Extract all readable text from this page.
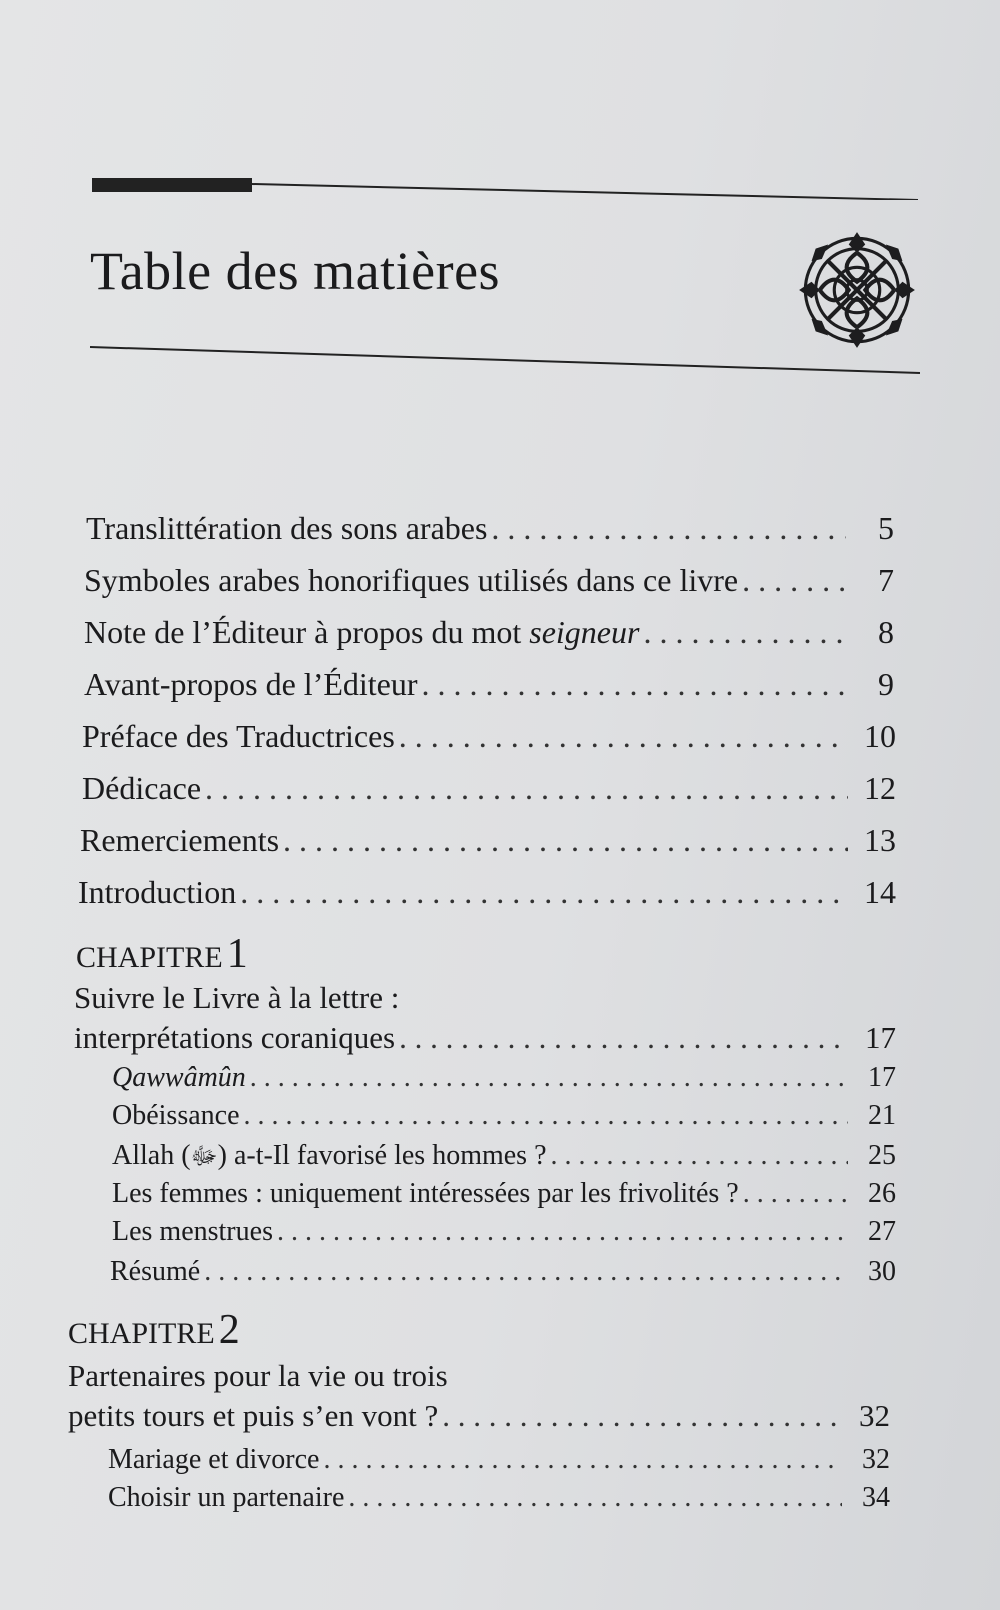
Table des matières
Translittération des sons arabes . . .	5
Symboles arabes honorifiques utilisés dans ce livre . . .	7
Note de l’Éditeur à propos du mot seigneur . . .	8
Avant-propos de l’Éditeur . . .	9
Préface des Traductrices . . .	10
Dédicace . . .	12
Remerciements . . .	13
Introduction . . .	14
CHAPITRE1
Suivre le Livre à la lettre :
interprétations coraniques . . .	17
Qawwâmûn . . .	17
Obéissance . . .	21
Allah (ﷻ) a-t-Il favorisé les hommes ? . . .	25
Les femmes : uniquement intéressées par les frivolités ? . . .	26
Les menstrues . . .	27
Résumé . . .	30
CHAPITRE2
Partenaires pour la vie ou trois
petits tours et puis s’en vont ? . . .	32
Mariage et divorce . . .	32
Choisir un partenaire . . .	34
